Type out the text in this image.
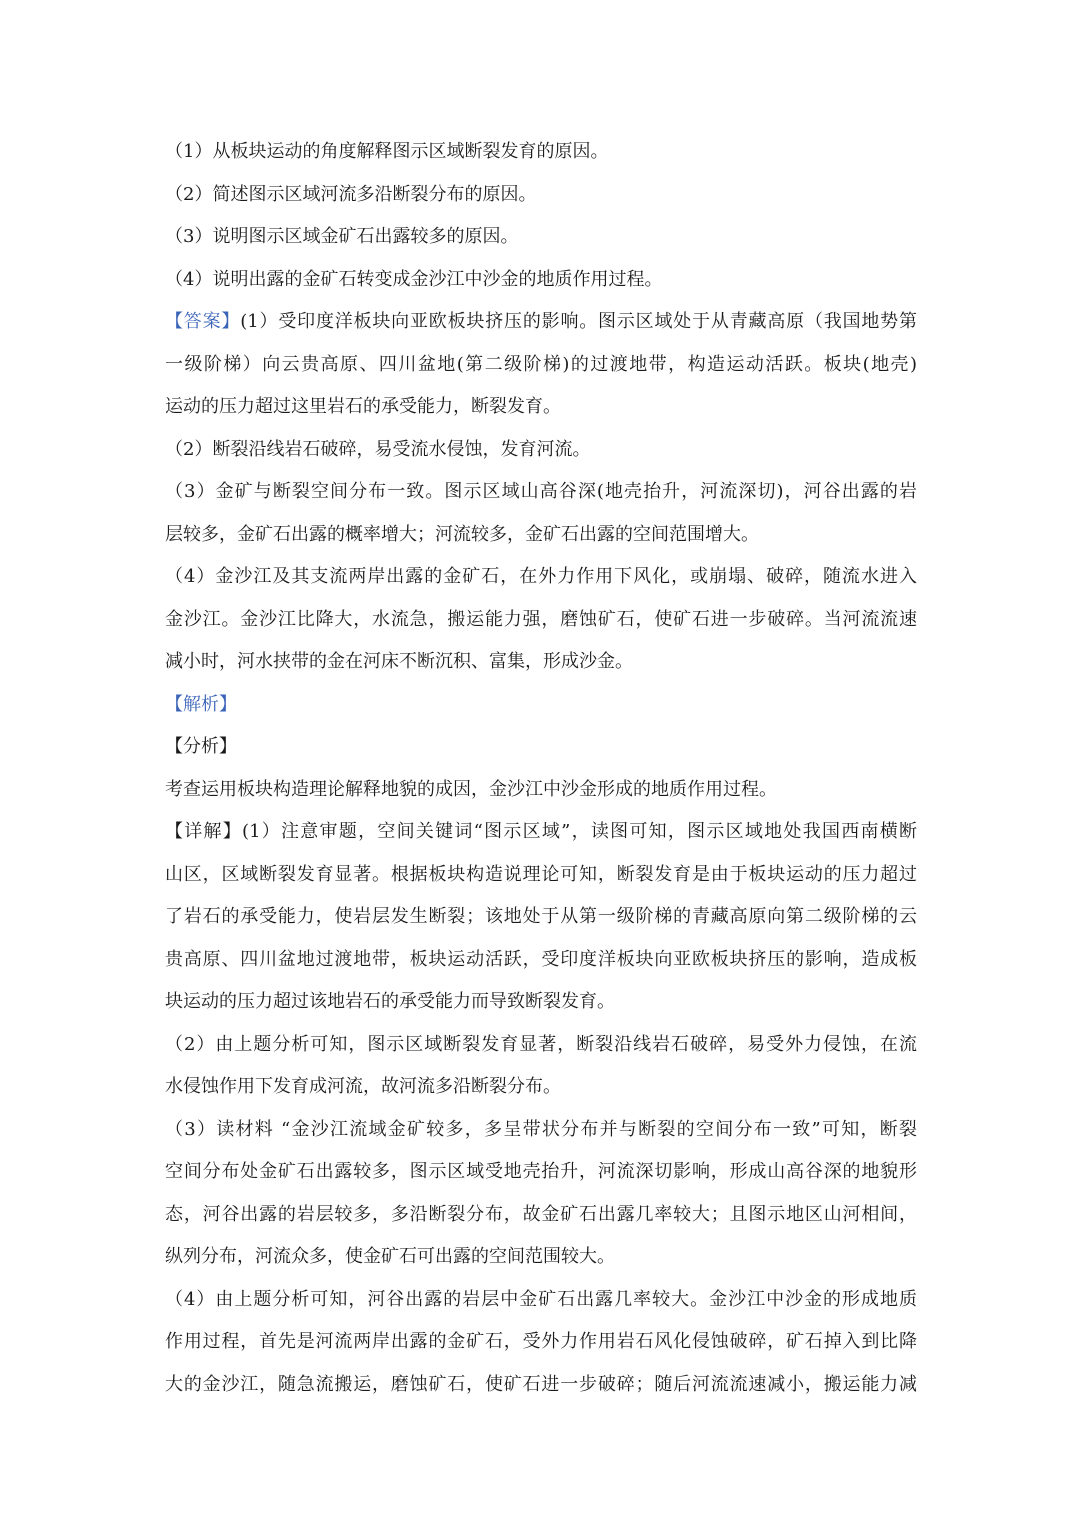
（1）从板块运动的角度解释图示区域断裂发育的原因。
（2）简述图示区域河流多沿断裂分布的原因。
（3）说明图示区域金矿石出露较多的原因。
（4）说明出露的金矿石转变成金沙江中沙金的地质作用过程。
【答案】(1）受印度洋板块向亚欧板块挤压的影响。图示区域处于从青藏高原（我国地势第
一级阶梯）向云贵高原、四川盆地(第二级阶梯)的过渡地带，构造运动活跃。板块(地壳)
运动的压力超过这里岩石的承受能力，断裂发育。
（2）断裂沿线岩石破碎，易受流水侵蚀，发育河流。
（3）金矿与断裂空间分布一致。图示区域山高谷深(地壳抬升，河流深切)，河谷出露的岩
层较多，金矿石出露的概率增大；河流较多，金矿石出露的空间范围增大。
（4）金沙江及其支流两岸出露的金矿石，在外力作用下风化，或崩塌、破碎，随流水进入
金沙江。金沙江比降大，水流急，搬运能力强，磨蚀矿石，使矿石进一步破碎。当河流流速
减小时，河水挟带的金在河床不断沉积、富集，形成沙金。
【解析】
【分析】
考查运用板块构造理论解释地貌的成因，金沙江中沙金形成的地质作用过程。
【详解】(1）注意审题，空间关键词“图示区域”，读图可知，图示区域地处我国西南横断
山区，区域断裂发育显著。根据板块构造说理论可知，断裂发育是由于板块运动的压力超过
了岩石的承受能力，使岩层发生断裂；该地处于从第一级阶梯的青藏高原向第二级阶梯的云
贵高原、四川盆地过渡地带，板块运动活跃，受印度洋板块向亚欧板块挤压的影响，造成板
块运动的压力超过该地岩石的承受能力而导致断裂发育。
（2）由上题分析可知，图示区域断裂发育显著，断裂沿线岩石破碎，易受外力侵蚀，在流
水侵蚀作用下发育成河流，故河流多沿断裂分布。
（3）读材料 “金沙江流域金矿较多，多呈带状分布并与断裂的空间分布一致”可知，断裂
空间分布处金矿石出露较多，图示区域受地壳抬升，河流深切影响，形成山高谷深的地貌形
态，河谷出露的岩层较多，多沿断裂分布，故金矿石出露几率较大；且图示地区山河相间，
纵列分布，河流众多，使金矿石可出露的空间范围较大。
（4）由上题分析可知，河谷出露的岩层中金矿石出露几率较大。金沙江中沙金的形成地质
作用过程，首先是河流两岸出露的金矿石，受外力作用岩石风化侵蚀破碎，矿石掉入到比降
大的金沙江，随急流搬运，磨蚀矿石，使矿石进一步破碎；随后河流流速减小，搬运能力减
